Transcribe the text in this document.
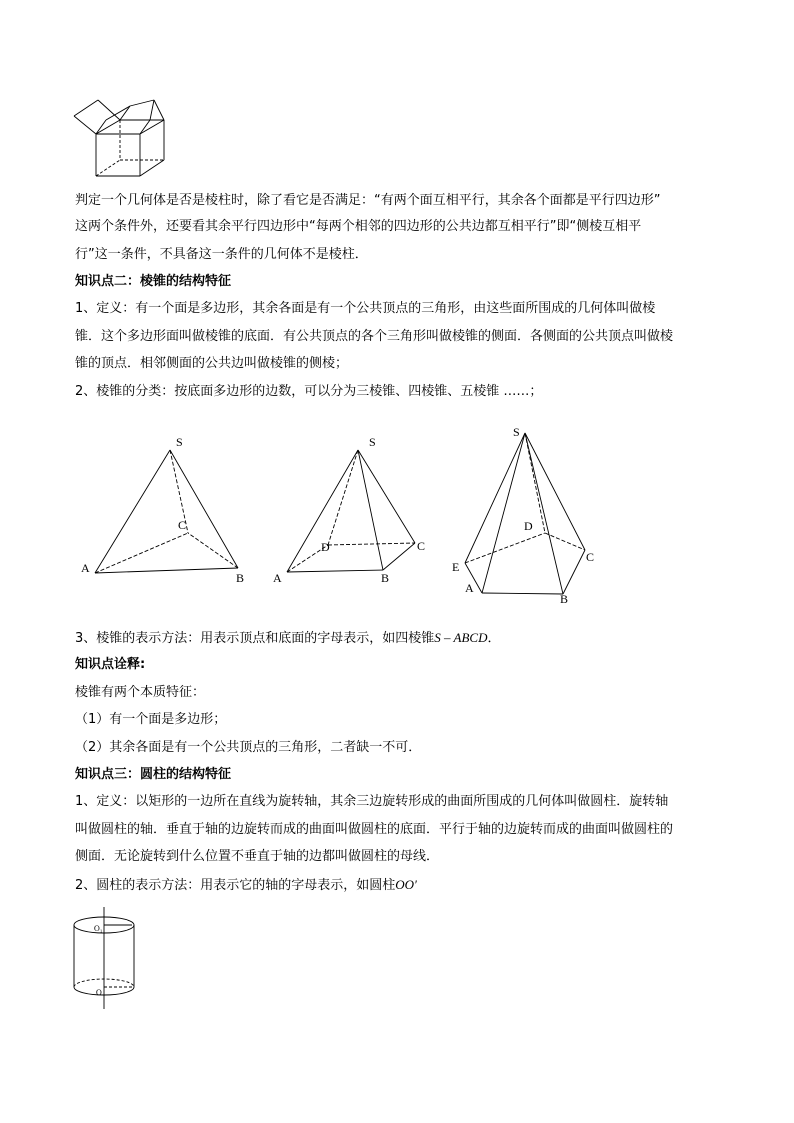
判定一个几何体是否是棱柱时，除了看它是否满足：“有两个面互相平行，其余各个面都是平行四边形”
这两个条件外，还要看其余平行四边形中“每两个相邻的四边形的公共边都互相平行”即“侧棱互相平
行”这一条件，不具备这一条件的几何体不是棱柱．
知识点二：棱锥的结构特征
1、定义：有一个面是多边形，其余各面是有一个公共顶点的三角形，由这些面所围成的几何体叫做棱
锥．这个多边形面叫做棱锥的底面．有公共顶点的各个三角形叫做棱锥的侧面．各侧面的公共顶点叫做棱
锥的顶点．相邻侧面的公共边叫做棱锥的侧棱；
2、棱锥的分类：按底面多边形的边数，可以分为三棱锥、四棱锥、五棱锥 ……；
S
A
B
C
S
A	B
C
D
S
A
B
C
D
E
3、棱锥的表示方法：用表示顶点和底面的字母表示，如四棱锥S – ABCD．
知识点诠释:
棱锥有两个本质特征：
（1）有一个面是多边形；
（2）其余各面是有一个公共顶点的三角形，二者缺一不可．
知识点三：圆柱的结构特征
1、定义：以矩形的一边所在直线为旋转轴，其余三边旋转形成的曲面所围成的几何体叫做圆柱．旋转轴
叫做圆柱的轴．垂直于轴的边旋转而成的曲面叫做圆柱的底面．平行于轴的边旋转而成的曲面叫做圆柱的
侧面．无论旋转到什么位置不垂直于轴的边都叫做圆柱的母线．
2、圆柱的表示方法：用表示它的轴的字母表示，如圆柱OO′
O₁
O
